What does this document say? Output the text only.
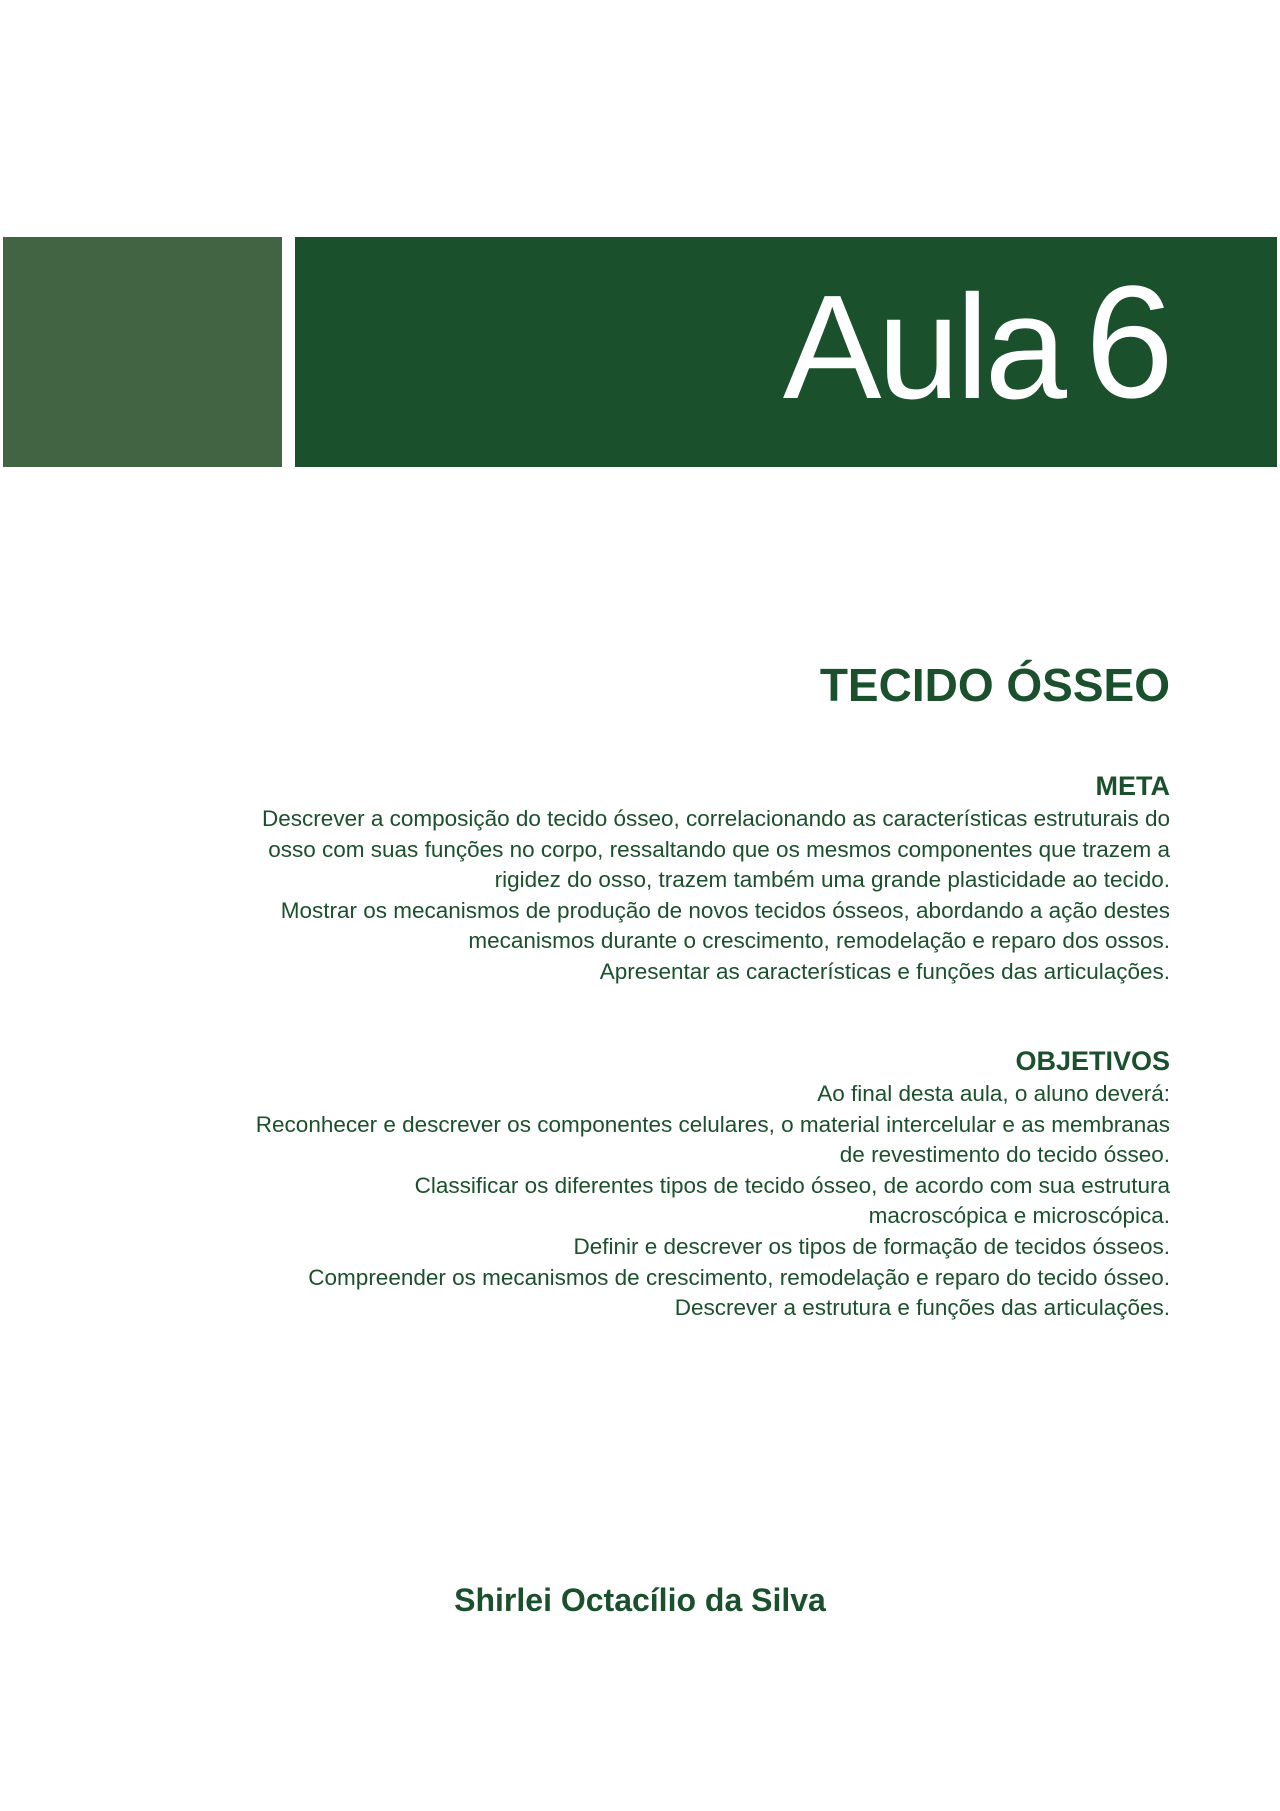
Aula 6
TECIDO ÓSSEO
META
Descrever a composição do tecido ósseo, correlacionando as características estruturais do
osso com suas funções no corpo, ressaltando que os mesmos componentes que trazem a
rigidez do osso, trazem também uma grande plasticidade ao tecido.
Mostrar os mecanismos de produção de novos tecidos ósseos, abordando a ação destes
mecanismos durante o crescimento, remodelação e reparo dos ossos.
Apresentar as características e funções das articulações.
OBJETIVOS
Ao final desta aula, o aluno deverá:
Reconhecer e descrever os componentes celulares, o material intercelular e as membranas
de revestimento do tecido ósseo.
Classificar os diferentes tipos de tecido ósseo, de acordo com sua estrutura
macroscópica e microscópica.
Definir e descrever os tipos de formação de tecidos ósseos.
Compreender os mecanismos de crescimento, remodelação e reparo do tecido ósseo.
Descrever a estrutura e funções das articulações.
Shirlei Octacílio da Silva
